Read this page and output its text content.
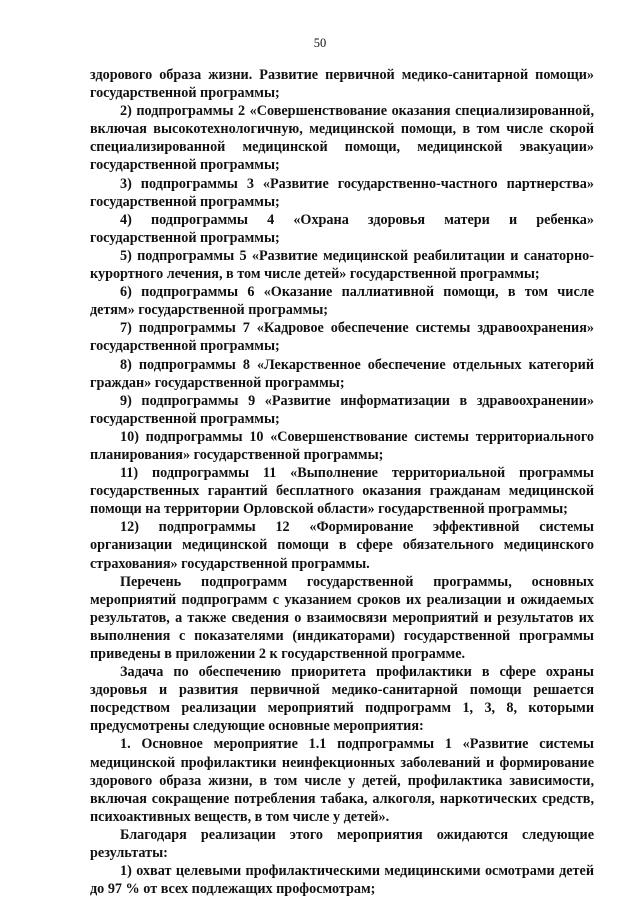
50

здорового образа жизни. Развитие первичной медико-санитарной помощи» государственной программы;

2) подпрограммы 2 «Совершенствование оказания специализированной, включая высокотехнологичную, медицинской помощи, в том числе скорой специализированной медицинской помощи, медицинской эвакуации» государственной программы;

3) подпрограммы 3 «Развитие государственно-частного партнерства» государственной программы;

4) подпрограммы 4 «Охрана здоровья матери и ребенка» государственной программы;

5) подпрограммы 5 «Развитие медицинской реабилитации и санаторно-курортного лечения, в том числе детей» государственной программы;

6) подпрограммы 6 «Оказание паллиативной помощи, в том числе детям» государственной программы;

7) подпрограммы 7 «Кадровое обеспечение системы здравоохранения» государственной программы;

8) подпрограммы 8 «Лекарственное обеспечение отдельных категорий граждан» государственной программы;

9) подпрограммы 9 «Развитие информатизации в здравоохранении» государственной программы;

10) подпрограммы 10 «Совершенствование системы территориального планирования» государственной программы;

11) подпрограммы 11 «Выполнение территориальной программы государственных гарантий бесплатного оказания гражданам медицинской помощи на территории Орловской области» государственной программы;

12) подпрограммы 12 «Формирование эффективной системы организации медицинской помощи в сфере обязательного медицинского страхования» государственной программы.

Перечень подпрограмм государственной программы, основных мероприятий подпрограмм с указанием сроков их реализации и ожидаемых результатов, а также сведения о взаимосвязи мероприятий и результатов их выполнения с показателями (индикаторами) государственной программы приведены в приложении 2 к государственной программе.

Задача по обеспечению приоритета профилактики в сфере охраны здоровья и развития первичной медико-санитарной помощи решается посредством реализации мероприятий подпрограмм 1, 3, 8, которыми предусмотрены следующие основные мероприятия:

1. Основное мероприятие 1.1 подпрограммы 1 «Развитие системы медицинской профилактики неинфекционных заболеваний и формирование здорового образа жизни, в том числе у детей, профилактика зависимости, включая сокращение потребления табака, алкоголя, наркотических средств, психоактивных веществ, в том числе у детей».

Благодаря реализации этого мероприятия ожидаются следующие результаты:

1) охват целевыми профилактическими медицинскими осмотрами детей до 97 % от всех подлежащих профосмотрам;
